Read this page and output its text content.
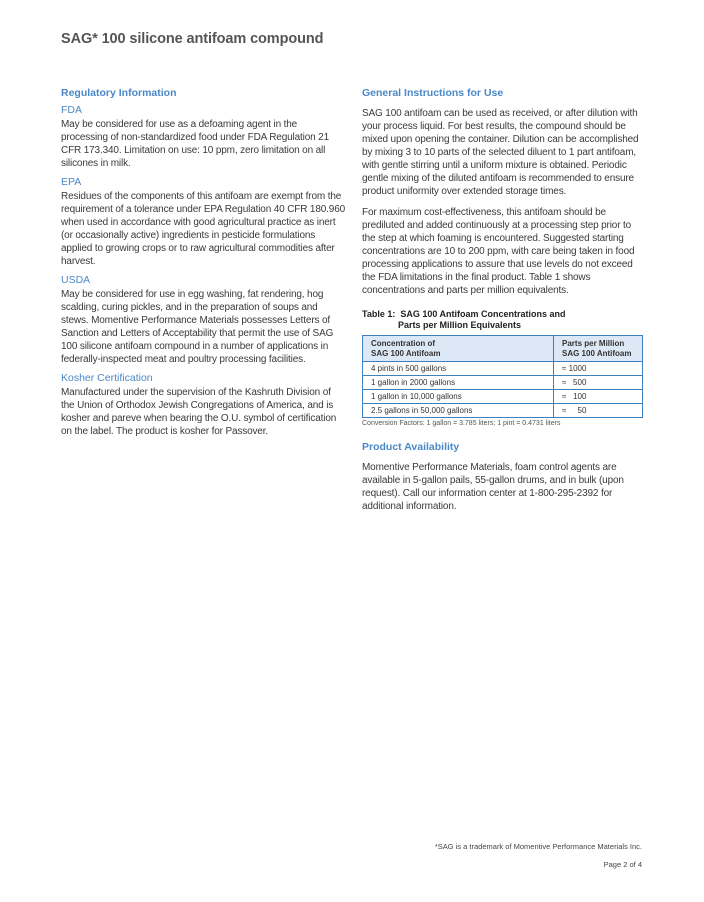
SAG* 100 silicone antifoam compound
Regulatory Information
FDA

May be considered for use as a defoaming agent in the processing of non-standardized food under FDA Regulation 21 CFR 173.340. Limitation on use: 10 ppm, zero limitation on all silicones in milk.

EPA

Residues of the components of this antifoam are exempt from the requirement of a tolerance under EPA Regulation 40 CFR 180.960 when used in accordance with good agricultural practice as inert (or occasionally active) ingredients in pesticide formulations applied to growing crops or to raw agricultural commodities after harvest.

USDA

May be considered for use in egg washing, fat rendering, hog scalding, curing pickles, and in the preparation of soups and stews. Momentive Performance Materials possesses Letters of Sanction and Letters of Acceptability that permit the use of SAG 100 silicone antifoam compound in a number of applications in federally-inspected meat and poultry processing facilities.

Kosher Certification

Manufactured under the supervision of the Kashruth Division of the Union of Orthodox Jewish Congregations of America, and is kosher and pareve when bearing the O.U. symbol of certification on the label. The product is kosher for Passover.

General Instructions for Use

SAG 100 antifoam can be used as received, or after dilution with your process liquid. For best results, the compound should be mixed upon opening the container. Dilution can be accomplished by mixing 3 to 10 parts of the selected diluent to 1 part antifoam, with gentle stirring until a uniform mixture is obtained. Periodic gentle mixing of the diluted antifoam is recommended to ensure product uniformity over extended storage times.

For maximum cost-effectiveness, this antifoam should be prediluted and added continuously at a processing step prior to the step at which foaming is encountered. Suggested starting concentrations are 10 to 200 ppm, with care being taken in food processing applications to assure that use levels do not exceed the FDA limitations in the final product. Table 1 shows concentrations and parts per million equivalents.

Table 1:  SAG 100 Antifoam Concentrations and
Parts per Million Equivalents
Concentration of
SAG 100 Antifoam	Parts per Million
SAG 100 Antifoam
4 pints in 500 gallons	≈ 1000
1 gallon in 2000 gallons	≈   500
1 gallon in 10,000 gallons	≈   100
2.5 gallons in 50,000 gallons	≈     50
Conversion Factors: 1 gallon = 3.785 liters; 1 pint = 0.4731 liters
Product Availability

Momentive Performance Materials, foam control agents are available in 5-gallon pails, 55-gallon drums, and in bulk (upon request). Call our information center at 1-800-295-2392 for additional information.

*SAG is a trademark of Momentive Performance Materials Inc.
Page 2 of 4
